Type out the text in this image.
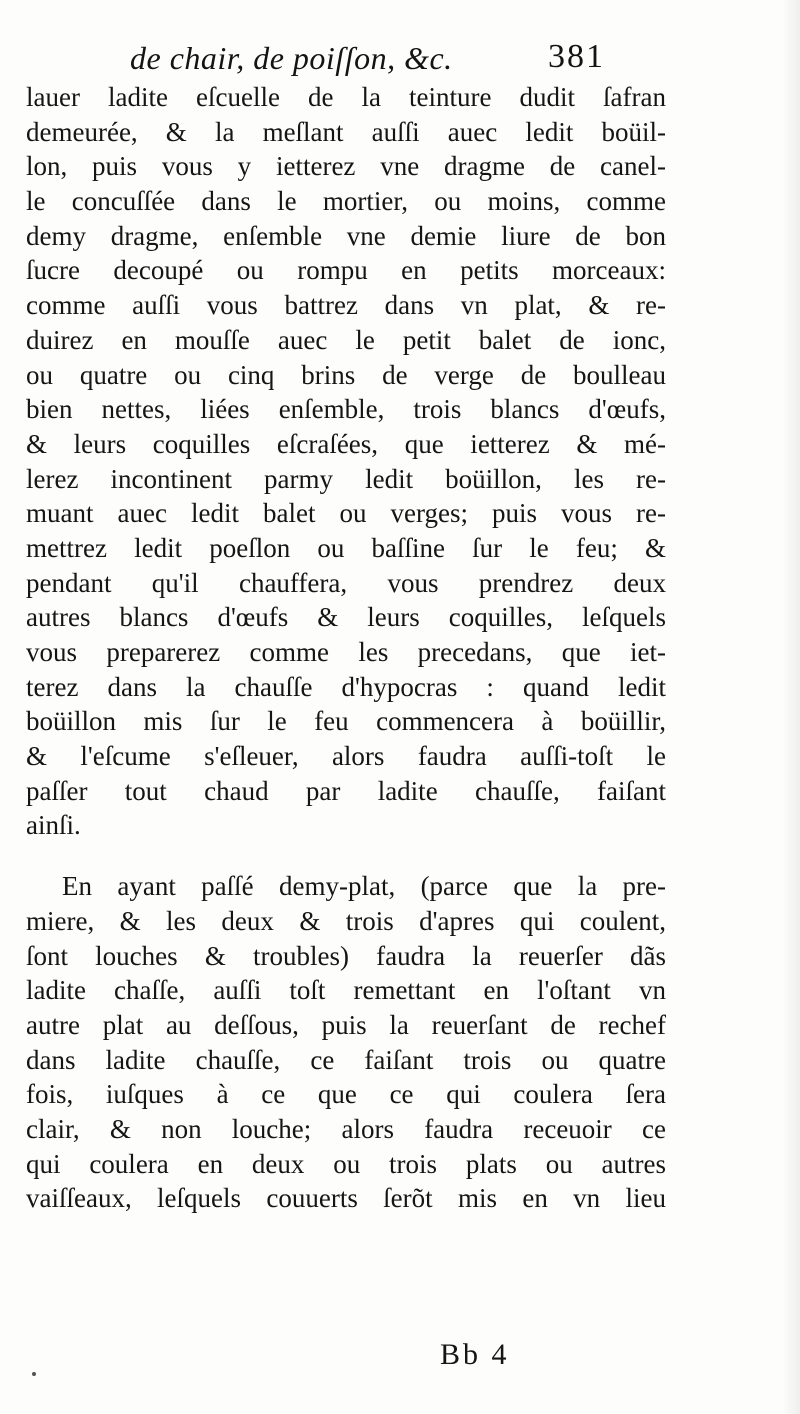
de chair, de poiſſon, &c.	381
lauer ladite eſcuelle de la teinture dudit ſafran
demeurée, & la meſlant auſſi auec ledit boüil-
lon, puis vous y ietterez vne dragme de canel-
le concuſſée dans le mortier, ou moins, comme
demy dragme, enſemble vne demie liure de bon
ſucre decoupé ou rompu en petits morceaux:
comme auſſi vous battrez dans vn plat, & re-
duirez en mouſſe auec le petit balet de ionc,
ou quatre ou cinq brins de verge de boulleau
bien nettes, liées enſemble, trois blancs d'œufs,
& leurs coquilles eſcraſées, que ietterez & mé-
lerez incontinent parmy ledit boüillon, les re-
muant auec ledit balet ou verges; puis vous re-
mettrez ledit poeſlon ou baſſine ſur le feu; &
pendant qu'il chauffera, vous prendrez deux
autres blancs d'œufs & leurs coquilles, leſquels
vous preparerez comme les precedans, que iet-
terez dans la chauſſe d'hypocras : quand ledit
boüillon mis ſur le feu commencera à boüillir,
& l'eſcume s'eſleuer, alors faudra auſſi-toſt le
paſſer tout chaud par ladite chauſſe, faiſant
ainſi.
En ayant paſſé demy-plat, (parce que la pre-
miere, & les deux & trois d'apres qui coulent,
ſont louches & troubles) faudra la reuerſer dãs
ladite chaſſe, auſſi toſt remettant en l'oſtant vn
autre plat au deſſous, puis la reuerſant de rechef
dans ladite chauſſe, ce faiſant trois ou quatre
fois, iuſques à ce que ce qui coulera ſera
clair, & non louche; alors faudra receuoir ce
qui coulera en deux ou trois plats ou autres
vaiſſeaux, leſquels couuerts ſerõt mis en vn lieu
Bb 4
